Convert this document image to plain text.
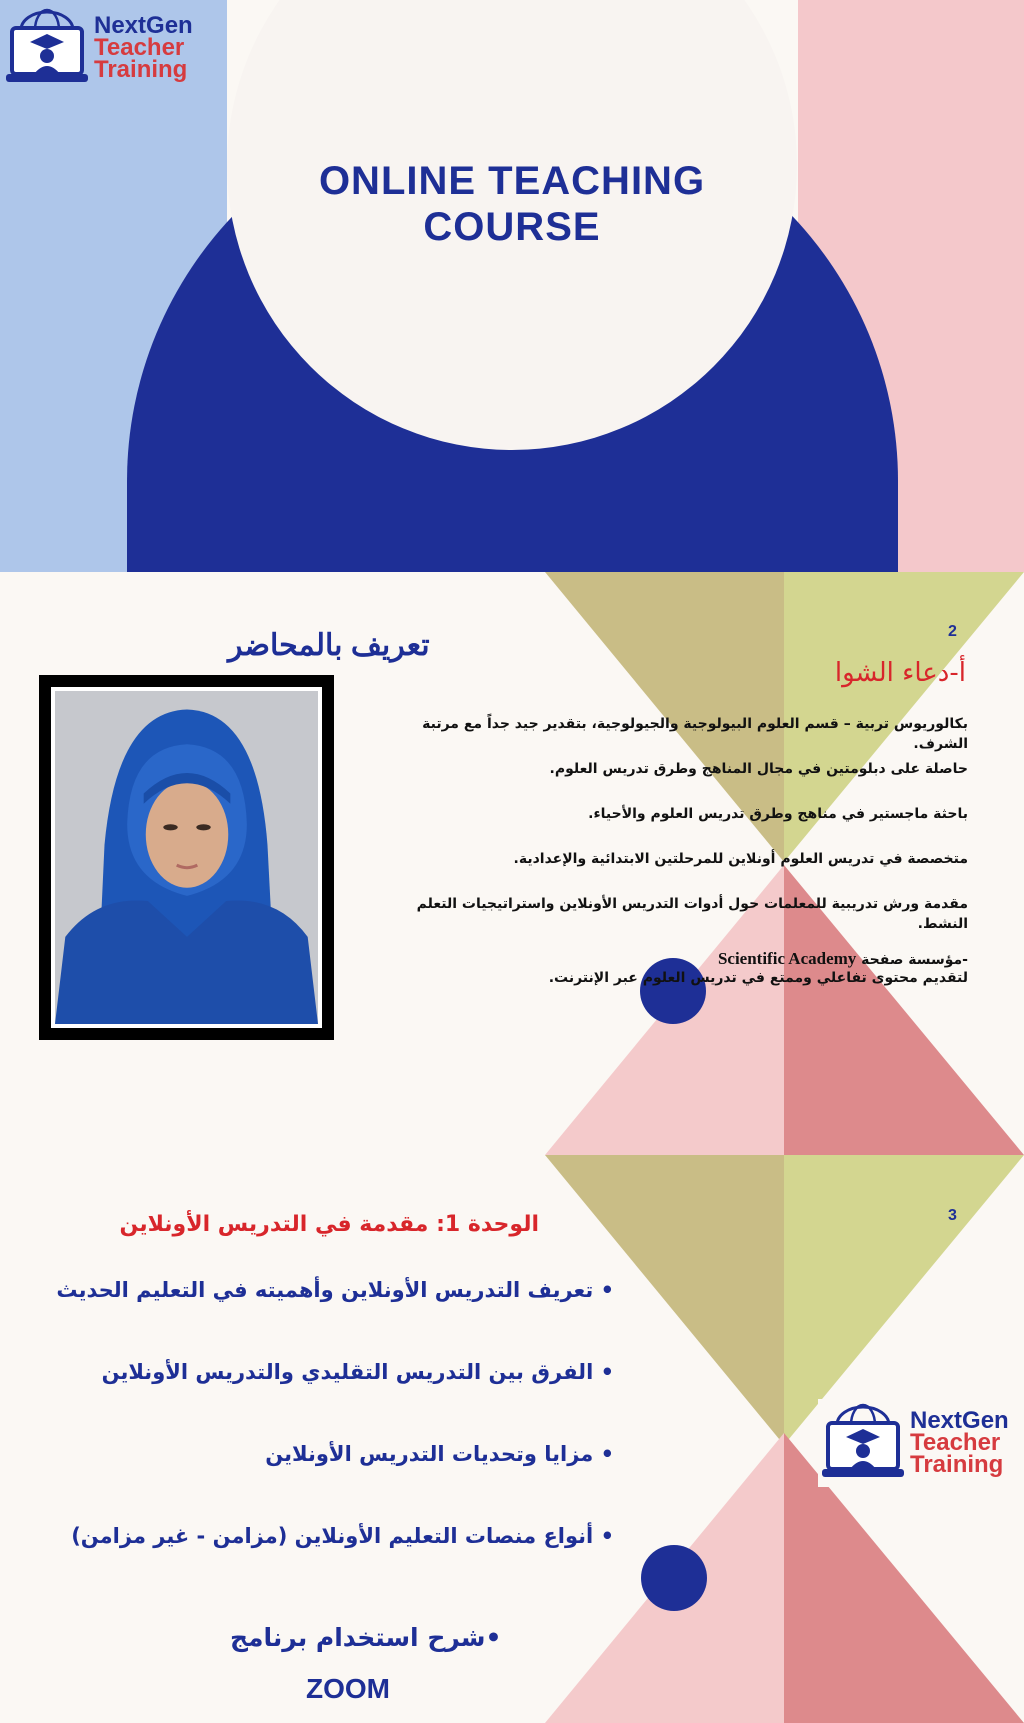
NextGen
Teacher
Training
ONLINE TEACHING COURSE
2
تعريف بالمحاضر
أ-دعاء الشوا
بكالوريوس تربية – قسم العلوم البيولوجية والجيولوجية، بتقدير جيد جداً مع مرتبة الشرف.
حاصلة على دبلومتين في مجال المناهج وطرق تدريس العلوم.
باحثة ماجستير في مناهج وطرق تدريس العلوم والأحياء.
متخصصة في تدريس العلوم أونلاين للمرحلتين الابتدائية والإعدادية.
مقدمة ورش تدريبية للمعلمات حول أدوات التدريس الأونلاين واستراتيجيات التعلم النشط.
-مؤسسة صفحة Scientific Academy
لتقديم محتوى تفاعلي وممتع في تدريس العلوم عبر الإنترنت.
3
NextGen
Teacher
Training
الوحدة 1: مقدمة في التدريس الأونلاين
• تعريف التدريس الأونلاين وأهميته في التعليم الحديث
• الفرق بين التدريس التقليدي والتدريس الأونلاين
• مزايا وتحديات التدريس الأونلاين
• أنواع منصات التعليم الأونلاين (مزامن - غير مزامن)
•شرح استخدام برنامج
ZOOM
